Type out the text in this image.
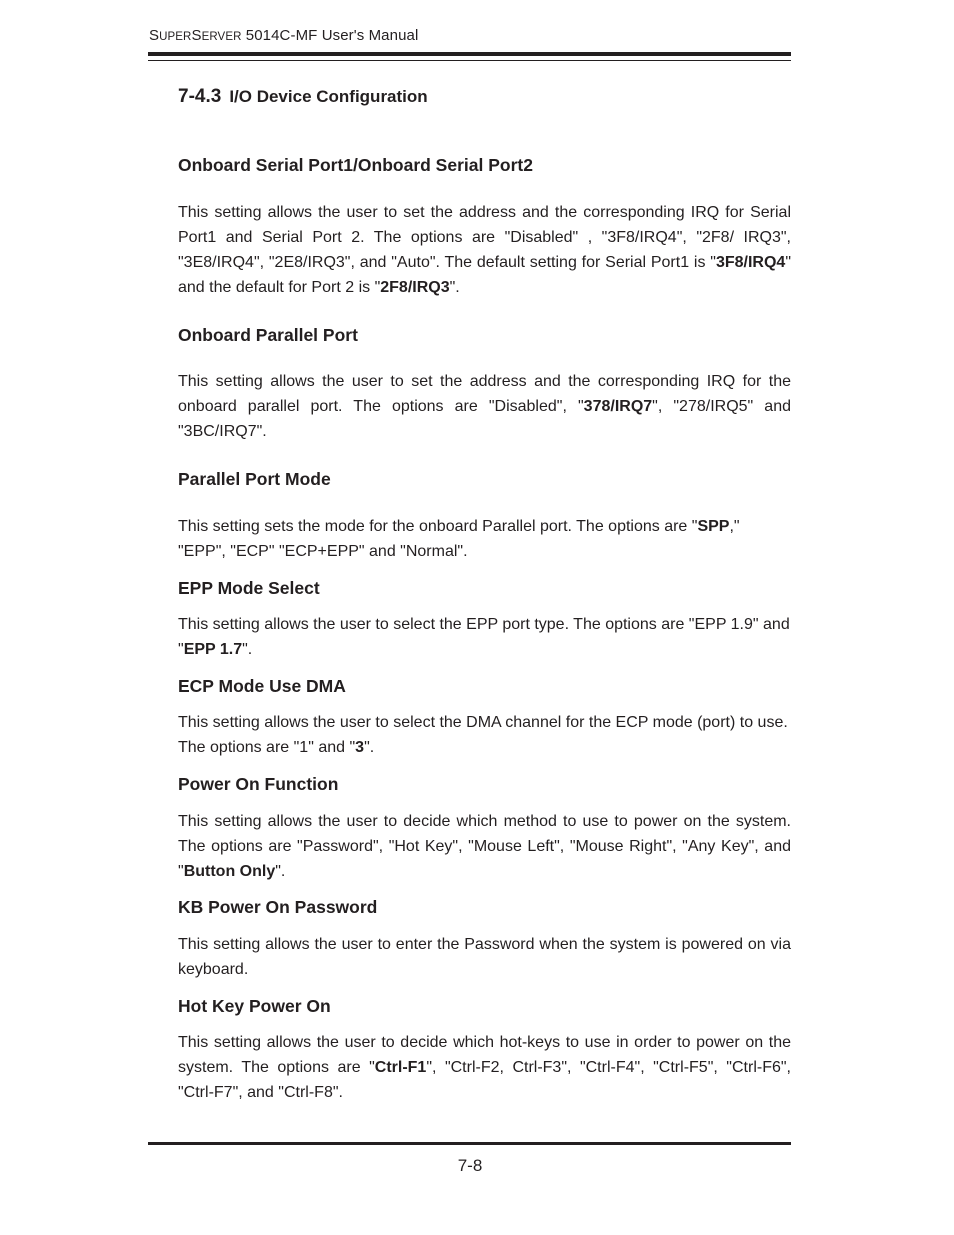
SUPERSERVER 5014C-MF User's Manual
7-4.3 I/O Device Configuration
Onboard Serial Port1/Onboard Serial Port2

This setting allows the user to set the address and the corresponding IRQ for Serial Port1 and Serial Port 2. The options are "Disabled" , "3F8/IRQ4", "2F8/ IRQ3", "3E8/IRQ4", "2E8/IRQ3", and "Auto". The default setting for Serial Port1 is "3F8/IRQ4" and the default for Port 2 is "2F8/IRQ3".

Onboard Parallel Port

This setting allows the user to set the address and the corresponding IRQ for the onboard parallel port. The options are "Disabled", "378/IRQ7", "278/IRQ5" and "3BC/IRQ7".

Parallel Port Mode

This setting sets the mode for the onboard Parallel port. The options are "SPP," "EPP", "ECP" "ECP+EPP" and "Normal".

EPP Mode Select

This setting allows the user to select the EPP port type. The options are "EPP 1.9" and "EPP 1.7".

ECP Mode Use DMA

This setting allows the user to select the DMA channel for the ECP mode (port) to use. The options are "1" and "3".

Power On Function

This setting allows the user to decide which method to use to power on the system. The options are "Password", "Hot Key", "Mouse Left", "Mouse Right", "Any Key", and "Button Only".

KB Power On Password

This setting allows the user to enter the Password when the system is powered on via keyboard.

Hot Key Power On

This setting allows the user to decide which hot-keys to use in order to power on the system. The options are "Ctrl-F1", "Ctrl-F2, Ctrl-F3", "Ctrl-F4", "Ctrl-F5", "Ctrl-F6", "Ctrl-F7", and "Ctrl-F8".

7-8
